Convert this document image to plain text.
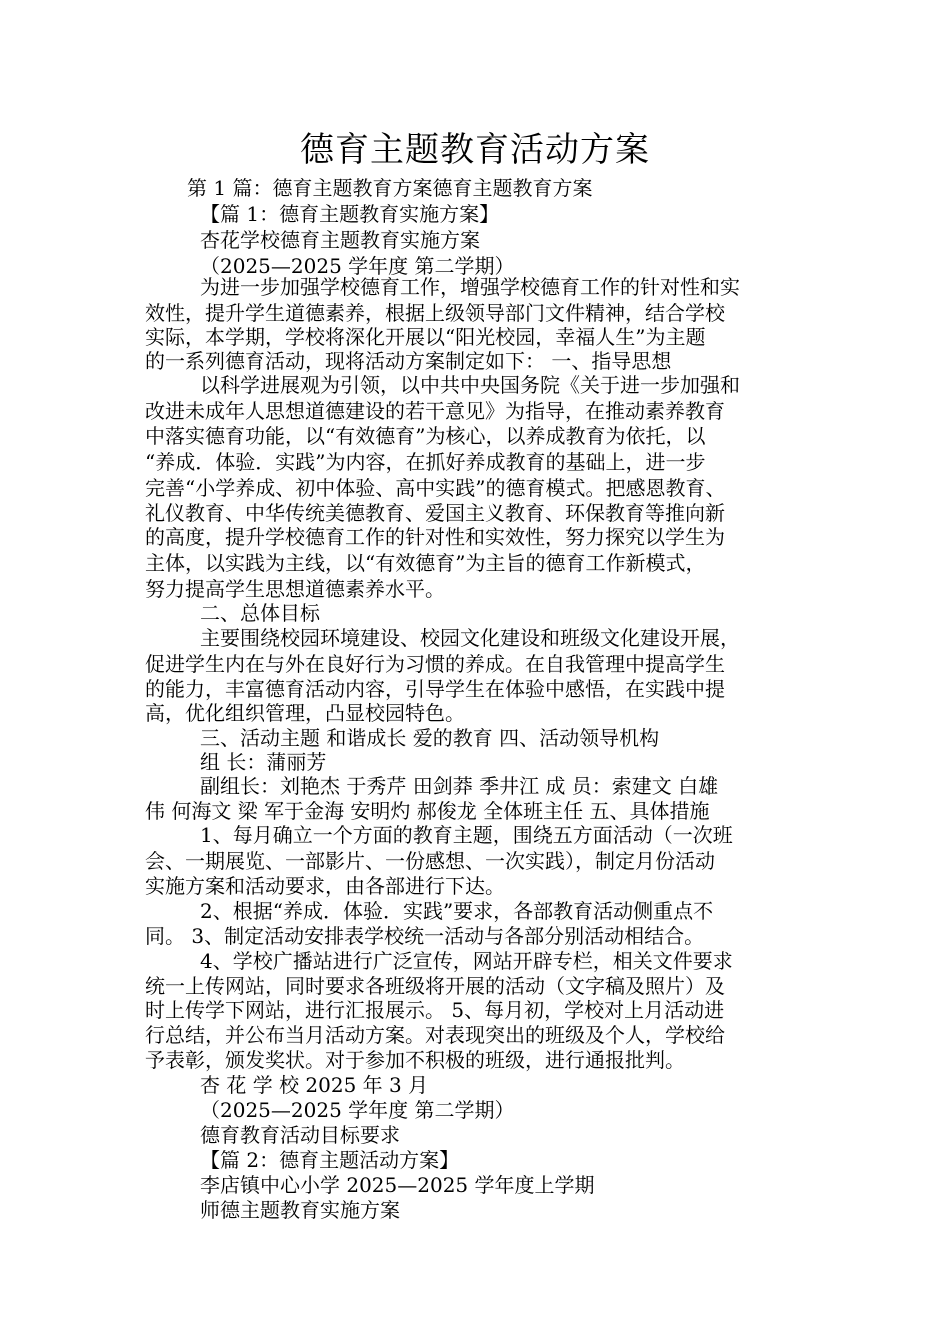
德育主题教育活动方案
第 1 篇：德育主题教育方案德育主题教育方案
【篇 1：德育主题教育实施方案】
杏花学校德育主题教育实施方案
（2025—2025 学年度 第二学期）
为进一步加强学校德育工作，增强学校德育工作的针对性和实
效性，提升学生道德素养，根据上级领导部门文件精神，结合学校
实际，本学期，学校将深化开展以“阳光校园，幸福人生”为主题
的一系列德育活动，现将活动方案制定如下： 一、指导思想
以科学进展观为引领，以中共中央国务院《关于进一步加强和
改进未成年人思想道德建设的若干意见》为指导，在推动素养教育
中落实德育功能，以“有效德育”为核心，以养成教育为依托，以
“养成．体验．实践”为内容，在抓好养成教育的基础上，进一步
完善“小学养成、初中体验、高中实践”的德育模式。把感恩教育、
礼仪教育、中华传统美德教育、爱国主义教育、环保教育等推向新
的高度，提升学校德育工作的针对性和实效性，努力探究以学生为
主体，以实践为主线，以“有效德育”为主旨的德育工作新模式，
努力提高学生思想道德素养水平。
二、总体目标
主要围绕校园环境建设、校园文化建设和班级文化建设开展，
促进学生内在与外在良好行为习惯的养成。在自我管理中提高学生
的能力，丰富德育活动内容，引导学生在体验中感悟，在实践中提
高，优化组织管理，凸显校园特色。
三、活动主题 和谐成长 爱的教育 四、活动领导机构
组 长：蒲丽芳
副组长：刘艳杰 于秀芹 田剑莽 季井江 成 员：索建文 白雄
伟 何海文 梁 军于金海 安明灼 郝俊龙 全体班主任 五、具体措施
1、每月确立一个方面的教育主题，围绕五方面活动（一次班
会、一期展览、一部影片、一份感想、一次实践），制定月份活动
实施方案和活动要求，由各部进行下达。
2、根据“养成．体验．实践”要求，各部教育活动侧重点不
同。 3、制定活动安排表学校统一活动与各部分别活动相结合。
4、学校广播站进行广泛宣传，网站开辟专栏，相关文件要求
统一上传网站，同时要求各班级将开展的活动（文字稿及照片）及
时上传学下网站，进行汇报展示。 5、每月初，学校对上月活动进
行总结，并公布当月活动方案。对表现突出的班级及个人，学校给
予表彰，颁发奖状。对于参加不积极的班级，进行通报批判。
杏 花 学 校 2025 年 3 月
（2025—2025 学年度 第二学期）
德育教育活动目标要求
【篇 2：德育主题活动方案】
李店镇中心小学 2025—2025 学年度上学期
师德主题教育实施方案
